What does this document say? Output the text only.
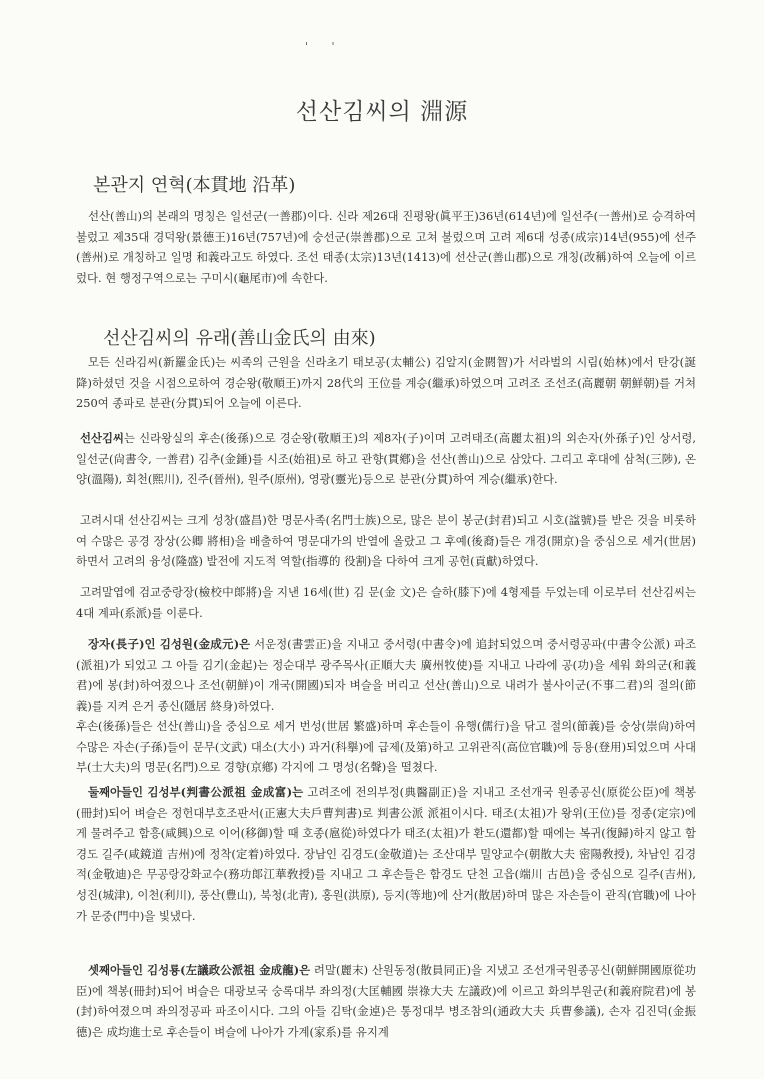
' '
선산김씨의 淵源
본관지 연혁(本貫地 沿革)
선산(善山)의 본래의 명칭은 일선군(一善郡)이다. 신라 제26대 진평왕(眞平王)36년(614년)에 일선주(一善州)로 승격하여 불렀고 제35대 경덕왕(景德王)16년(757년)에 숭선군(崇善郡)으로 고쳐 불렀으며 고려 제6대 성종(成宗)14년(955)에 선주(善州)로 개칭하고 일명 和義라고도 하였다. 조선 태종(太宗)13년(1413)에 선산군(善山郡)으로 개칭(改稱)하여 오늘에 이르렀다. 현 행정구역으로는 구미시(龜尾市)에 속한다.
선산김씨의 유래(善山金氏의 由來)
모든 신라김씨(新羅金氏)는 씨족의 근원을 신라초기 태보공(太輔公) 김알지(金閼智)가 서라벌의 시림(始林)에서 탄강(誕降)하셨던 것을 시점으로하여 경순왕(敬順王)까지 28代의 王位를 계승(繼承)하였으며 고려조 조선조(高麗朝 朝鮮朝)를 거쳐 250여 종파로 분관(分貫)되어 오늘에 이른다.
선산김씨는 신라왕실의 후손(後孫)으로 경순왕(敬順王)의 제8자(子)이며 고려태조(高麗太祖)의 외손자(外孫子)인 상서령, 일선군(尙書令, 一善君) 김추(金錘)를 시조(始祖)로 하고 관향(貫鄕)을 선산(善山)으로 삼았다. 그리고 후대에 삼척(三陟), 온양(溫陽), 회천(熙川), 진주(晉州), 원주(原州), 영광(靈光)등으로 분관(分貫)하여 계승(繼承)한다.
고려시대 선산김씨는 크게 성창(盛昌)한 명문사족(名門士族)으로, 많은 분이 봉군(封君)되고 시호(諡號)를 받은 것을 비롯하여 수많은 공경 장상(公卿 將相)을 배출하여 명문대가의 반열에 올랐고 그 후예(後裔)들은 개경(開京)을 중심으로 세거(世居)하면서 고려의 융성(隆盛) 발전에 지도적 역할(指導的 役割)을 다하여 크게 공헌(貢獻)하였다.
고려말엽에 검교중랑장(檢校中郞將)을 지낸 16세(世) 김 문(金 文)은 슬하(膝下)에 4형제를 두었는데 이로부터 선산김씨는 4대 계파(系派)를 이룬다.
장자(長子)인 김성원(金成元)은 서운정(書雲正)을 지내고 중서령(中書令)에 追封되었으며 중서령공파(中書令公派) 파조(派祖)가 되었고 그 아들 김기(金起)는 정순대부 광주목사(正順大夫 廣州牧使)를 지내고 나라에 공(功)을 세워 화의군(和義君)에 봉(封)하여졌으나 조선(朝鮮)이 개국(開國)되자 벼슬을 버리고 선산(善山)으로 내려가 불사이군(不事二君)의 절의(節義)를 지켜 은거 종신(隱居 終身)하였다.
후손(後孫)들은 선산(善山)을 중심으로 세거 번성(世居 繁盛)하며 후손들이 유행(儒行)을 닦고 절의(節義)를 숭상(崇尙)하여 수많은 자손(子孫)들이 문무(文武) 대소(大小) 과거(科擧)에 급제(及第)하고 고위관직(高位官職)에 등용(登用)되었으며 사대부(士大夫)의 명문(名門)으로 경향(京鄕) 각지에 그 명성(名聲)을 떨쳤다.
둘째아들인 김성부(判書公派祖 金成富)는 고려조에 전의부정(典醫副正)을 지내고 조선개국 원종공신(原從公臣)에 책봉(冊封)되어 벼슬은 정헌대부호조판서(正憲大夫戶曹判書)로 判書公派 派祖이시다. 태조(太祖)가 왕위(王位)를 정종(定宗)에게 물려주고 함흥(咸興)으로 이어(移御)할 때 호종(扈從)하였다가 태조(太祖)가 환도(還都)할 때에는 복귀(復歸)하지 않고 함경도 길주(咸鏡道 吉州)에 정착(定着)하였다. 장남인 김경도(金敬道)는 조산대부 밀양교수(朝散大夫 密陽敎授), 차남인 김경적(金敬迪)은 무공랑강화교수(務功郞江華敎授)를 지내고 그 후손들은 함경도 단천 고읍(端川 古邑)을 중심으로 길주(吉州), 성진(城津), 이천(利川), 풍산(豊山), 북청(北靑), 홍원(洪原), 등지(等地)에 산거(散居)하며 많은 자손들이 관직(官職)에 나아가 문중(門中)을 빛냈다.
셋째아들인 김성룡(左議政公派祖 金成龍)은 려말(麗末) 산원동정(散員同正)을 지냈고 조선개국원종공신(朝鮮開國原從功臣)에 책봉(冊封)되어 벼슬은 대광보국 숭록대부 좌의정(大匡輔國 崇祿大夫 左議政)에 이르고 화의부원군(和義府院君)에 봉(封)하여졌으며 좌의정공파 파조이시다. 그의 아들 김탁(金逴)은 통정대부 병조참의(通政大夫 兵曹參議), 손자 김진덕(金振德)은 成均進士로 후손들이 벼슬에 나아가 가계(家系)를 유지계
